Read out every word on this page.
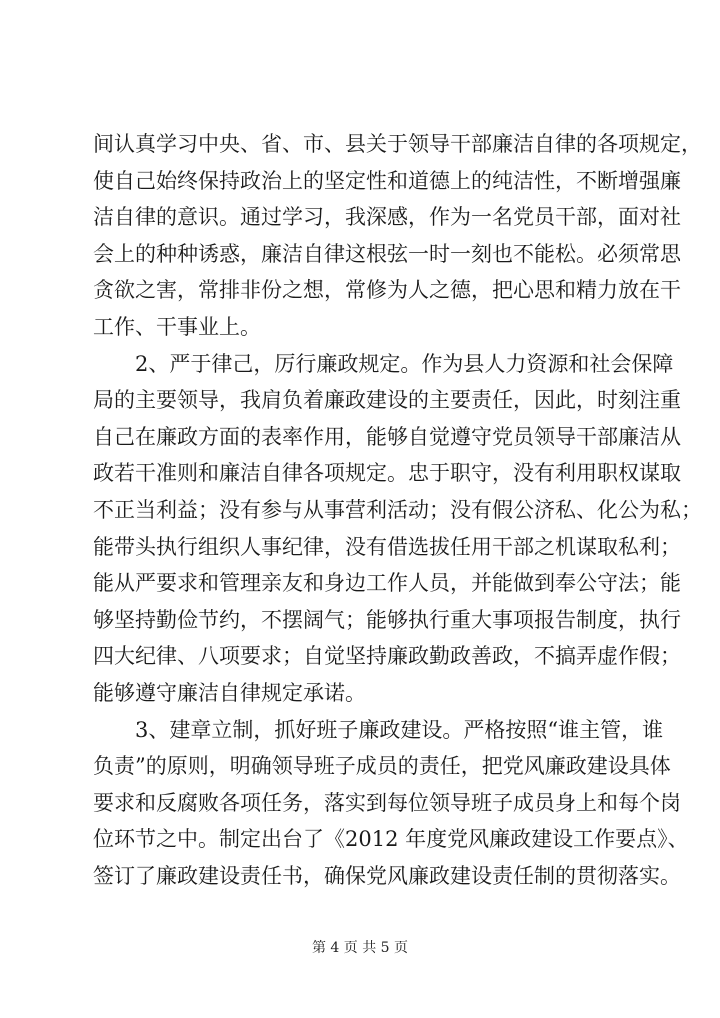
间认真学习中央、省、市、县关于领导干部廉洁自律的各项规定，
使自己始终保持政治上的坚定性和道德上的纯洁性，不断增强廉
洁自律的意识。通过学习，我深感，作为一名党员干部，面对社
会上的种种诱惑，廉洁自律这根弦一时一刻也不能松。必须常思
贪欲之害，常排非份之想，常修为人之德，把心思和精力放在干
工作、干事业上。
2、严于律己，厉行廉政规定。作为县人力资源和社会保障
局的主要领导，我肩负着廉政建设的主要责任，因此，时刻注重
自己在廉政方面的表率作用，能够自觉遵守党员领导干部廉洁从
政若干准则和廉洁自律各项规定。忠于职守，没有利用职权谋取
不正当利益；没有参与从事营利活动；没有假公济私、化公为私；
能带头执行组织人事纪律，没有借选拔任用干部之机谋取私利；
能从严要求和管理亲友和身边工作人员，并能做到奉公守法；能
够坚持勤俭节约，不摆阔气；能够执行重大事项报告制度，执行
四大纪律、八项要求；自觉坚持廉政勤政善政，不搞弄虚作假；
能够遵守廉洁自律规定承诺。
3、建章立制，抓好班子廉政建设。严格按照“谁主管，谁
负责”的原则，明确领导班子成员的责任，把党风廉政建设具体
要求和反腐败各项任务，落实到每位领导班子成员身上和每个岗
位环节之中。制定出台了《2012 年度党风廉政建设工作要点》、
签订了廉政建设责任书，确保党风廉政建设责任制的贯彻落实。
第 4 页 共 5 页
